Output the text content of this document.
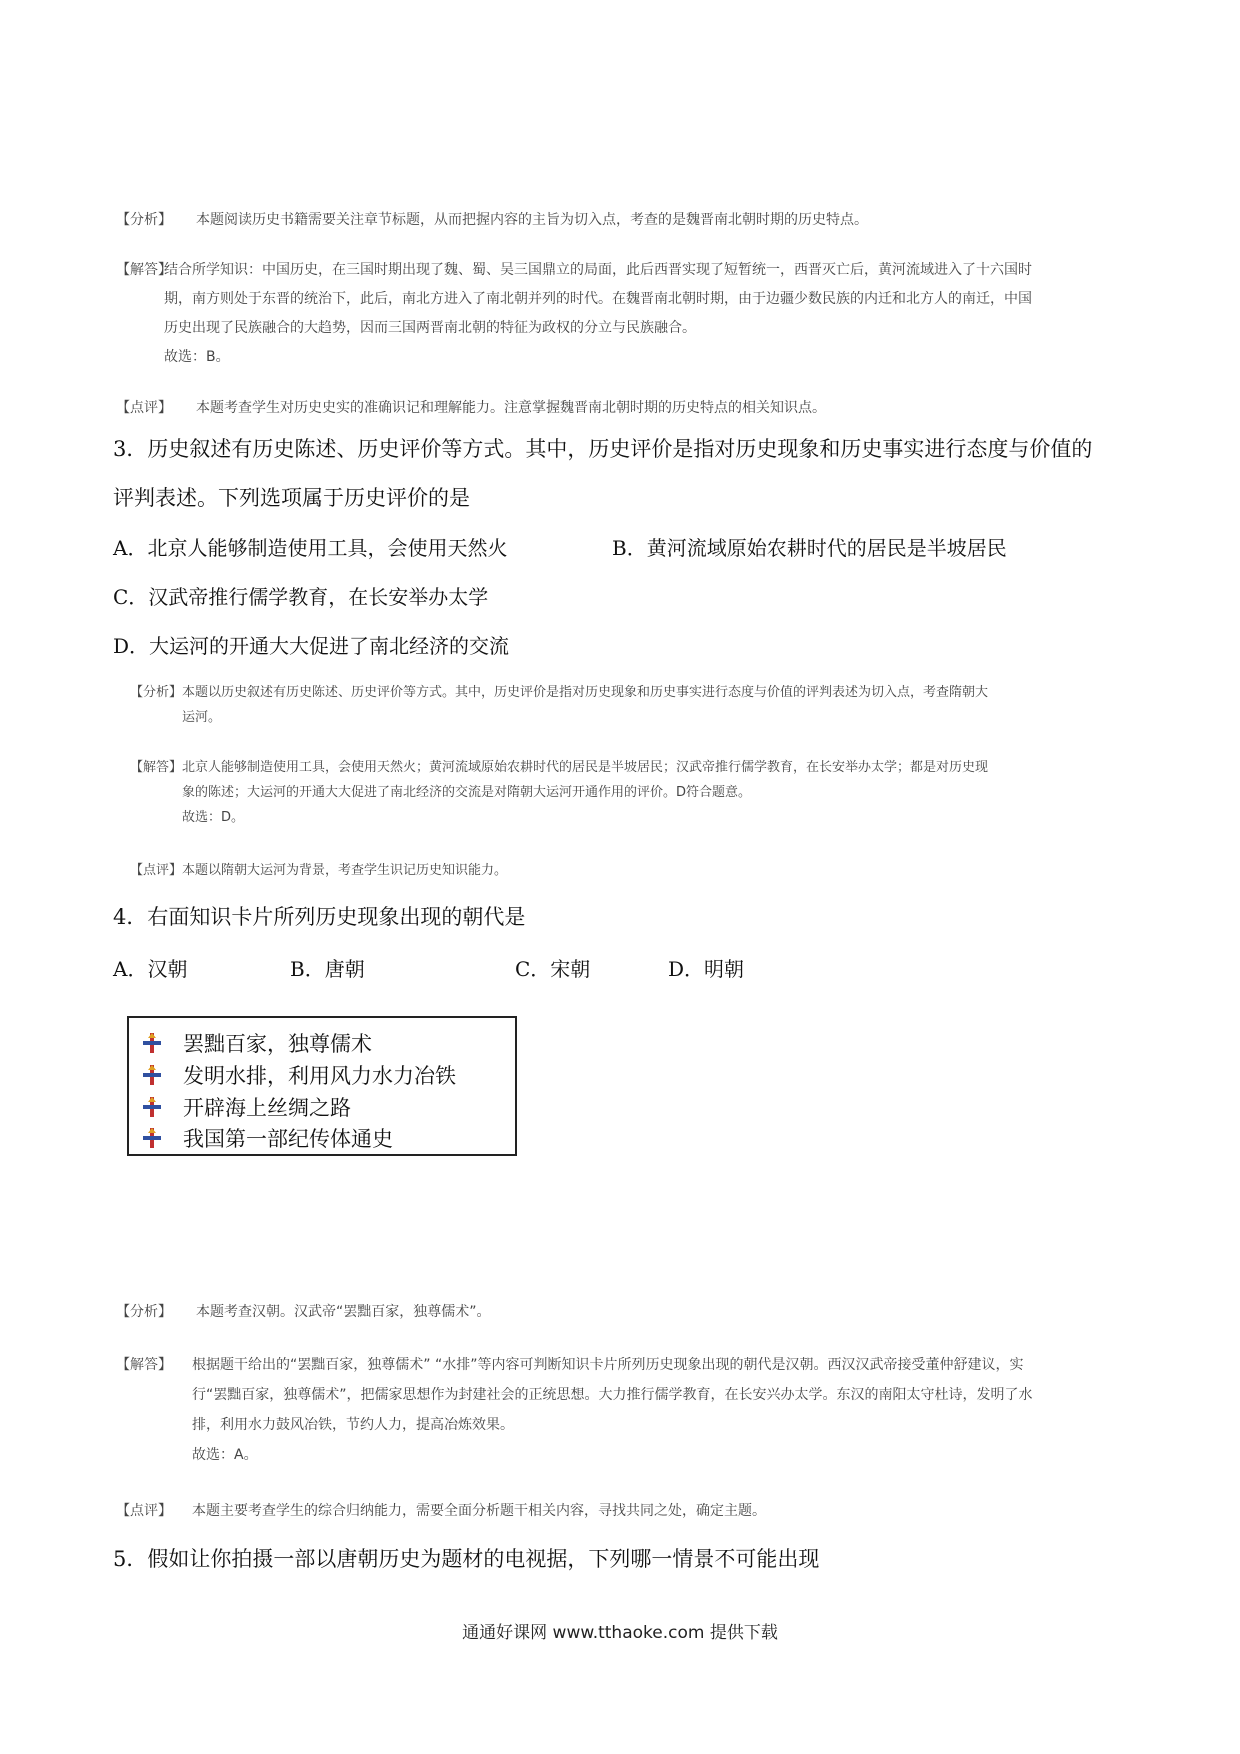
【分析】 本题阅读历史书籍需要关注章节标题，从而把握内容的主旨为切入点，考查的是魏晋南北朝时期的历史特点。
【解答】
结合所学知识：中国历史，在三国时期出现了魏、蜀、吴三国鼎立的局面，此后西晋实现了短暂统一，西晋灭亡后，黄河流域进入了十六国时
期，南方则处于东晋的统治下，此后，南北方进入了南北朝并列的时代。在魏晋南北朝时期，由于边疆少数民族的内迁和北方人的南迁，中国
历史出现了民族融合的大趋势，因而三国两晋南北朝的特征为政权的分立与民族融合。
故选：B。
【点评】 本题考查学生对历史史实的准确识记和理解能力。注意掌握魏晋南北朝时期的历史特点的相关知识点。
3．历史叙述有历史陈述、历史评价等方式。其中，历史评价是指对历史现象和历史事实进行态度与价值的
评判表述。下列选项属于历史评价的是
A．北京人能够制造使用工具，会使用天然火	B．黄河流域原始农耕时代的居民是半坡居民
C．汉武帝推行儒学教育，在长安举办太学
D．大运河的开通大大促进了南北经济的交流
【分析】 本题以历史叙述有历史陈述、历史评价等方式。其中，历史评价是指对历史现象和历史事实进行态度与价值的评判表述为切入点，考查隋朝大
运河。
【解答】 北京人能够制造使用工具，会使用天然火；黄河流域原始农耕时代的居民是半坡居民；汉武帝推行儒学教育，在长安举办太学；都是对历史现
象的陈述；大运河的开通大大促进了南北经济的交流是对隋朝大运河开通作用的评价。D符合题意。
故选：D。
【点评】 本题以隋朝大运河为背景，考查学生识记历史知识能力。
4．右面知识卡片所列历史现象出现的朝代是
A．汉朝	B．唐朝	C．宋朝	D．明朝
罢黜百家，独尊儒术
发明水排，利用风力水力冶铁
开辟海上丝绸之路
我国第一部纪传体通史
【分析】 本题考查汉朝。汉武帝“罢黜百家，独尊儒术”。
【解答】 根据题干给出的“罢黜百家，独尊儒术” “水排”等内容可判断知识卡片所列历史现象出现的朝代是汉朝。西汉汉武帝接受董仲舒建议，实
行“罢黜百家，独尊儒术”，把儒家思想作为封建社会的正统思想。大力推行儒学教育，在长安兴办太学。东汉的南阳太守杜诗，发明了水
排，利用水力鼓风冶铁，节约人力，提高冶炼效果。
故选：A。
【点评】 本题主要考查学生的综合归纳能力，需要全面分析题干相关内容，寻找共同之处，确定主题。
5．假如让你拍摄一部以唐朝历史为题材的电视据，下列哪一情景不可能出现
通通好课网 www.tthaoke.com 提供下载
